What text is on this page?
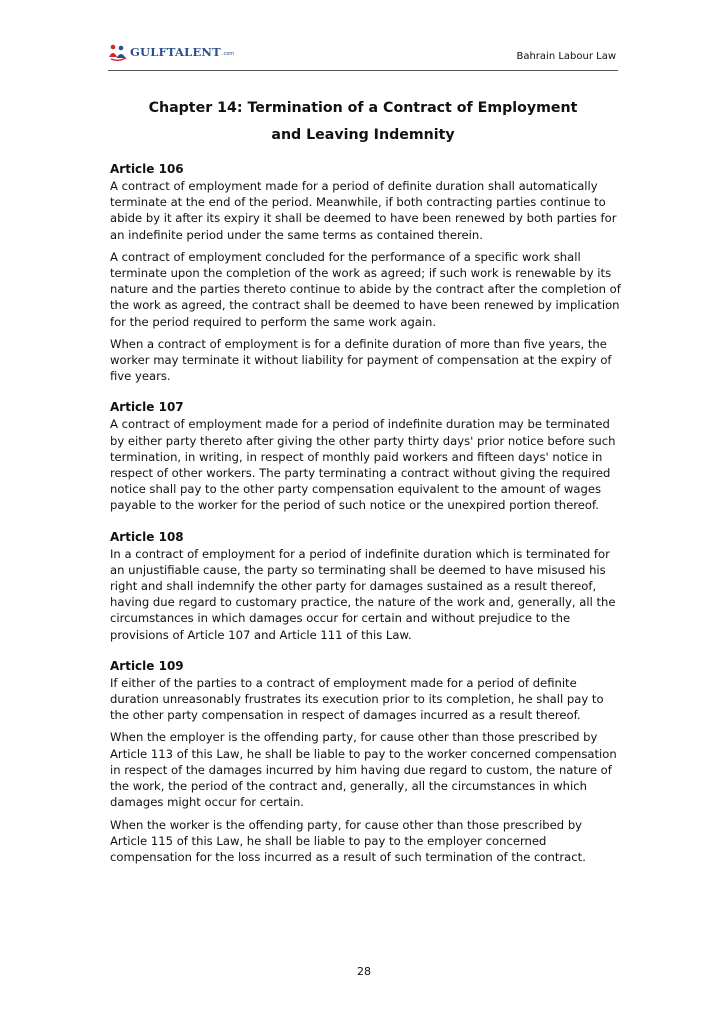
GULFTALENT .com	Bahrain Labour Law
Chapter 14: Termination of a Contract of Employment
and Leaving Indemnity

Article 106

A contract of employment made for a period of definite duration shall automatically terminate at the end of the period. Meanwhile, if both contracting parties continue to abide by it after its expiry it shall be deemed to have been renewed by both parties for an indefinite period under the same terms as contained therein.

A contract of employment concluded for the performance of a specific work shall terminate upon the completion of the work as agreed; if such work is renewable by its nature and the parties thereto continue to abide by the contract after the completion of the work as agreed, the contract shall be deemed to have been renewed by implication for the period required to perform the same work again.

When a contract of employment is for a definite duration of more than five years, the worker may terminate it without liability for payment of compensation at the expiry of five years.

Article 107

A contract of employment made for a period of indefinite duration may be terminated by either party thereto after giving the other party thirty days' prior notice before such termination, in writing, in respect of monthly paid workers and fifteen days' notice in respect of other workers. The party terminating a contract without giving the required notice shall pay to the other party compensation equivalent to the amount of wages payable to the worker for the period of such notice or the unexpired portion thereof.

Article 108

In a contract of employment for a period of indefinite duration which is terminated for an unjustifiable cause, the party so terminating shall be deemed to have misused his right and shall indemnify the other party for damages sustained as a result thereof, having due regard to customary practice, the nature of the work and, generally, all the circumstances in which damages occur for certain and without prejudice to the provisions of Article 107 and Article 111 of this Law.

Article 109

If either of the parties to a contract of employment made for a period of definite duration unreasonably frustrates its execution prior to its completion, he shall pay to the other party compensation in respect of damages incurred as a result thereof.

When the employer is the offending party, for cause other than those prescribed by Article 113 of this Law, he shall be liable to pay to the worker concerned compensation in respect of the damages incurred by him having due regard to custom, the nature of the work, the period of the contract and, generally, all the circumstances in which damages might occur for certain.

When the worker is the offending party, for cause other than those prescribed by Article 115 of this Law, he shall be liable to pay to the employer concerned compensation for the loss incurred as a result of such termination of the contract.

28
